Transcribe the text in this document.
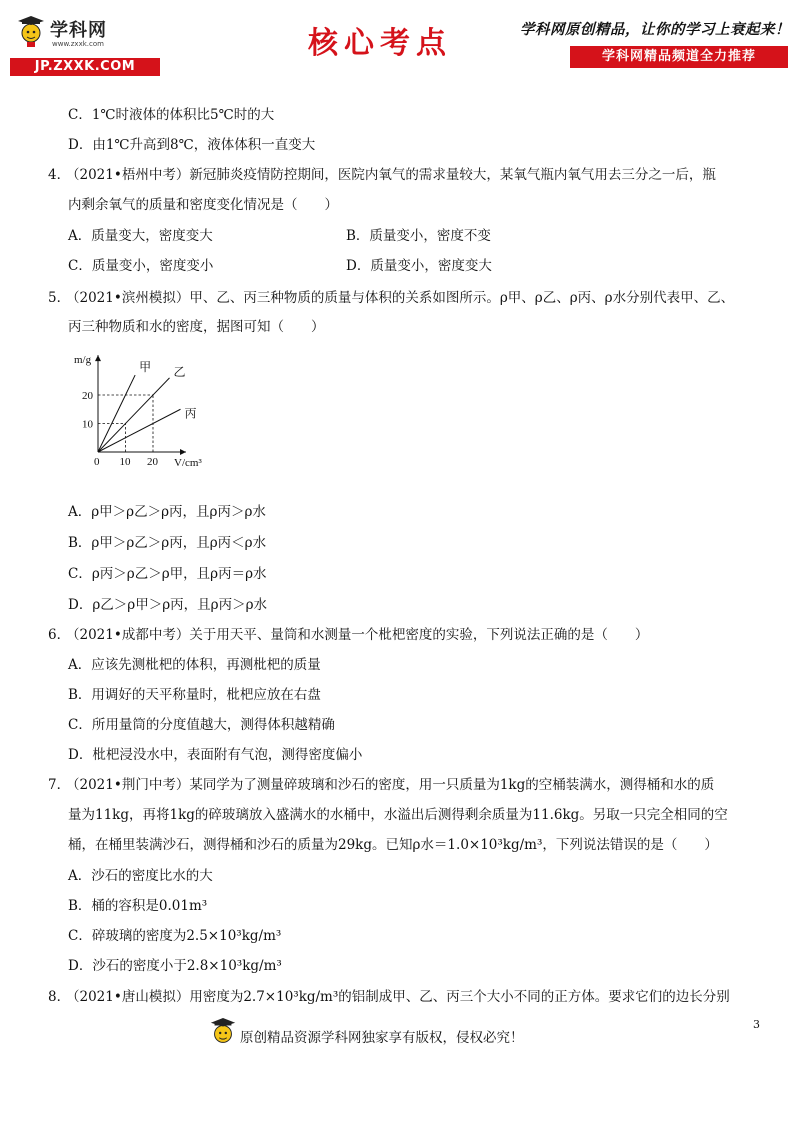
学科网
www.zxxk.com
JP.ZXXK.COM
核心考点	学科网原创精品，让你的学习上衰起来！
学科网精品频道全力推荐
C．1℃时液体的体积比5℃时的大
D．由1℃升高到8℃，液体体积一直变大
4．
（2021•梧州中考）新冠肺炎疫情防控期间，医院内氧气的需求量较大，某氧气瓶内氧气用去三分之一后，瓶
内剩余氧气的质量和密度变化情况是（　　）
A．质量变大，密度变大	B．质量变小，密度不变
C．质量变小，密度变小	D．质量变小，密度变大
5．
（2021•滨州模拟）甲、乙、丙三种物质的质量与体积的关系如图所示。ρ甲、ρ乙、ρ丙、ρ水分别代表甲、乙、
丙三种物质和水的密度，据图可知（　　）
甲 乙
丙
0 10 20
10
20
V/cm³
m/g
A．ρ甲＞ρ乙＞ρ丙，且ρ丙＞ρ水
B．ρ甲＞ρ乙＞ρ丙，且ρ丙＜ρ水
C．ρ丙＞ρ乙＞ρ甲，且ρ丙＝ρ水
D．ρ乙＞ρ甲＞ρ丙，且ρ丙＞ρ水
6．
（2021•成都中考）关于用天平、量筒和水测量一个枇杷密度的实验，下列说法正确的是（　　）
A．应该先测枇杷的体积，再测枇杷的质量
B．用调好的天平称量时，枇杷应放在右盘
C．所用量筒的分度值越大，测得体积越精确
D．枇杷浸没水中，表面附有气泡，测得密度偏小
7．
（2021•荆门中考）某同学为了测量碎玻璃和沙石的密度，用一只质量为1kg的空桶装满水，测得桶和水的质
量为11kg，再将1kg的碎玻璃放入盛满水的水桶中，水溢出后测得剩余质量为11.6kg。另取一只完全相同的空
桶，在桶里装满沙石，测得桶和沙石的质量为29kg。已知ρ水＝1.0×10³kg/m³，下列说法错误的是（　　）
A．沙石的密度比水的大
B．桶的容积是0.01m³
C．碎玻璃的密度为2.5×10³kg/m³
D．沙石的密度小于2.8×10³kg/m³
8．
（2021•唐山模拟）用密度为2.7×10³kg/m³的铝制成甲、乙、丙三个大小不同的正方体。要求它们的边长分别
3
原创精品资源学科网独家享有版权，侵权必究！
